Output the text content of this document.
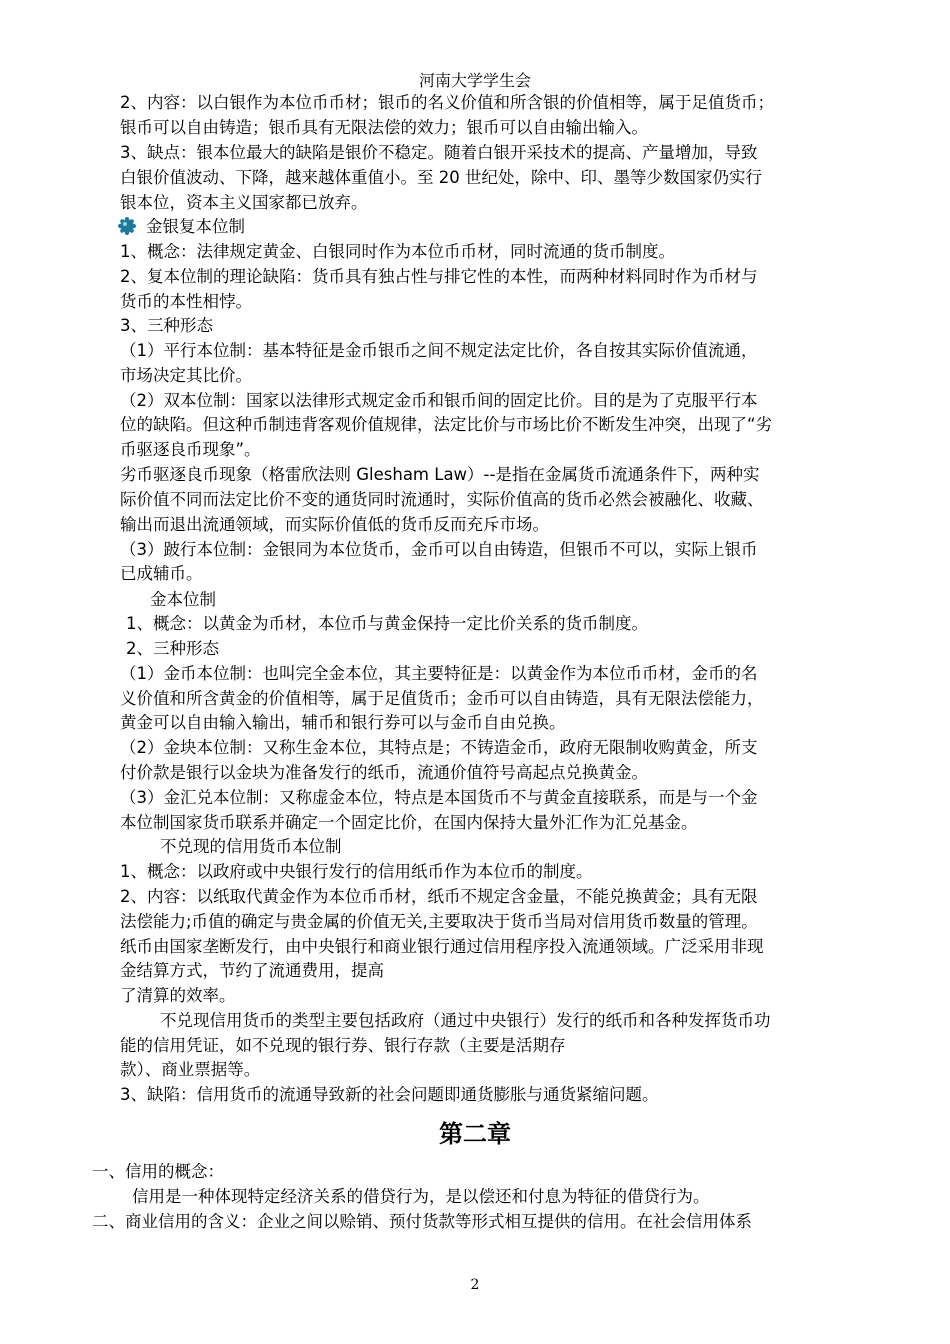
河南大学学生会
2、内容：以白银作为本位币币材；银币的名义价值和所含银的价值相等，属于足值货币；
银币可以自由铸造；银币具有无限法偿的效力；银币可以自由输出输入。
3、缺点：银本位最大的缺陷是银价不稳定。随着白银开采技术的提高、产量增加，导致
白银价值波动、下降，越来越体重值小。至 20 世纪处，除中、印、墨等少数国家仍实行
银本位，资本主义国家都已放弃。
金银复本位制
1、概念：法律规定黄金、白银同时作为本位币币材，同时流通的货币制度。
2、复本位制的理论缺陷：货币具有独占性与排它性的本性，而两种材料同时作为币材与
货币的本性相悖。
3、三种形态
（1）平行本位制：基本特征是金币银币之间不规定法定比价，各自按其实际价值流通，
市场决定其比价。
（2）双本位制：国家以法律形式规定金币和银币间的固定比价。目的是为了克服平行本
位的缺陷。但这种币制违背客观价值规律，法定比价与市场比价不断发生冲突，出现了“劣
币驱逐良币现象”。
劣币驱逐良币现象（格雷欣法则 Glesham Law）--是指在金属货币流通条件下，两种实
际价值不同而法定比价不变的通货同时流通时，实际价值高的货币必然会被融化、收藏、
输出而退出流通领域，而实际价值低的货币反而充斥市场。
（3）跛行本位制：金银同为本位货币，金币可以自由铸造，但银币不可以，实际上银币
已成辅币。
金本位制
1、概念：以黄金为币材，本位币与黄金保持一定比价关系的货币制度。
2、三种形态
（1）金币本位制：也叫完全金本位，其主要特征是：以黄金作为本位币币材，金币的名
义价值和所含黄金的价值相等，属于足值货币；金币可以自由铸造，具有无限法偿能力，
黄金可以自由输入输出，辅币和银行券可以与金币自由兑换。
（2）金块本位制：又称生金本位，其特点是；不铸造金币，政府无限制收购黄金，所支
付价款是银行以金块为准备发行的纸币，流通价值符号高起点兑换黄金。
（3）金汇兑本位制：又称虚金本位，特点是本国货币不与黄金直接联系，而是与一个金
本位制国家货币联系并确定一个固定比价，在国内保持大量外汇作为汇兑基金。
不兑现的信用货币本位制
1、概念：以政府或中央银行发行的信用纸币作为本位币的制度。
2、内容：以纸取代黄金作为本位币币材，纸币不规定含金量，不能兑换黄金；具有无限
法偿能力;币值的确定与贵金属的价值无关,主要取决于货币当局对信用货币数量的管理。
纸币由国家垄断发行，由中央银行和商业银行通过信用程序投入流通领域。广泛采用非现
金结算方式，节约了流通费用，提高
了清算的效率。
不兑现信用货币的类型主要包括政府（通过中央银行）发行的纸币和各种发挥货币功
能的信用凭证，如不兑现的银行券、银行存款（主要是活期存
款）、商业票据等。
3、缺陷：信用货币的流通导致新的社会问题即通货膨胀与通货紧缩问题。
第二章
一、信用的概念：
信用是一种体现特定经济关系的借贷行为，是以偿还和付息为特征的借贷行为。
二、商业信用的含义：企业之间以赊销、预付货款等形式相互提供的信用。在社会信用体系
2
